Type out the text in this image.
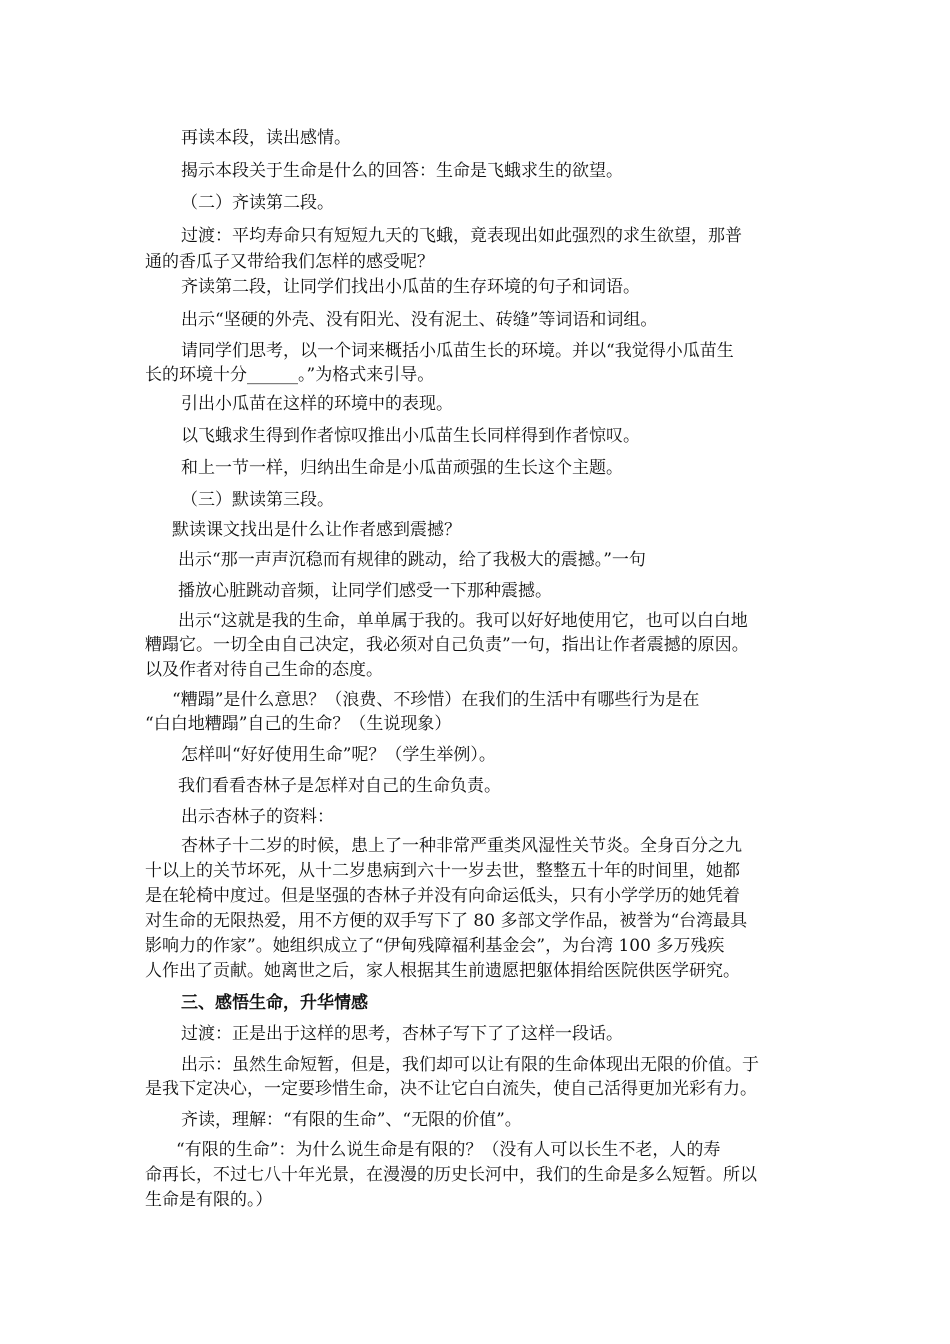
再读本段，读出感情。
揭示本段关于生命是什么的回答：生命是飞蛾求生的欲望。
（二）齐读第二段。
过渡：平均寿命只有短短九天的飞蛾，竟表现出如此强烈的求生欲望，那普
通的香瓜子又带给我们怎样的感受呢？
齐读第二段，让同学们找出小瓜苗的生存环境的句子和词语。
出示“坚硬的外壳、没有阳光、没有泥土、砖缝”等词语和词组。
请同学们思考，以一个词来概括小瓜苗生长的环境。并以“我觉得小瓜苗生
长的环境十分______。”为格式来引导。
引出小瓜苗在这样的环境中的表现。
以飞蛾求生得到作者惊叹推出小瓜苗生长同样得到作者惊叹。
和上一节一样，归纳出生命是小瓜苗顽强的生长这个主题。
（三）默读第三段。
默读课文找出是什么让作者感到震撼？
出示“那一声声沉稳而有规律的跳动，给了我极大的震撼。”一句
播放心脏跳动音频，让同学们感受一下那种震撼。
出示“这就是我的生命，单单属于我的。我可以好好地使用它，也可以白白地
糟蹋它。一切全由自己决定，我必须对自己负责”一句，指出让作者震撼的原因。
以及作者对待自己生命的态度。
“糟蹋”是什么意思？（浪费、不珍惜）在我们的生活中有哪些行为是在
“白白地糟蹋”自己的生命？（生说现象）
怎样叫“好好使用生命”呢？（学生举例）。
我们看看杏林子是怎样对自己的生命负责。
出示杏林子的资料：
杏林子十二岁的时候，患上了一种非常严重类风湿性关节炎。全身百分之九
十以上的关节坏死，从十二岁患病到六十一岁去世，整整五十年的时间里，她都
是在轮椅中度过。但是坚强的杏林子并没有向命运低头，只有小学学历的她凭着
对生命的无限热爱，用不方便的双手写下了 80 多部文学作品，被誉为“台湾最具
影响力的作家”。她组织成立了“伊甸残障福利基金会”，为台湾 100 多万残疾
人作出了贡献。她离世之后，家人根据其生前遗愿把躯体捐给医院供医学研究。
三、感悟生命，升华情感
过渡：正是出于这样的思考，杏林子写下了了这样一段话。
出示：虽然生命短暂，但是，我们却可以让有限的生命体现出无限的价值。于
是我下定决心，一定要珍惜生命，决不让它白白流失，使自己活得更加光彩有力。
齐读，理解：“有限的生命”、“无限的价值”。
“有限的生命”：为什么说生命是有限的？（没有人可以长生不老，人的寿
命再长，不过七八十年光景，在漫漫的历史长河中，我们的生命是多么短暂。所以
生命是有限的。）
